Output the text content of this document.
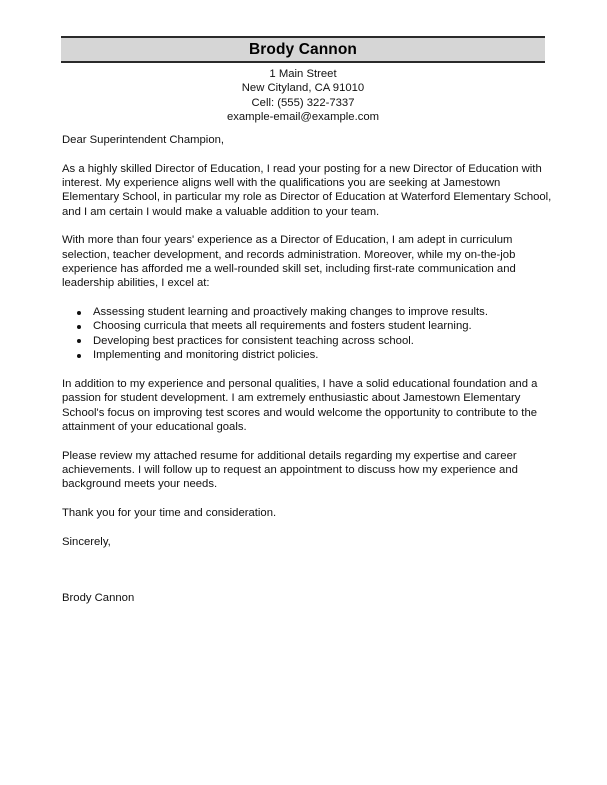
Brody Cannon
1 Main Street
New Cityland, CA 91010
Cell: (555) 322-7337
example-email@example.com

Dear Superintendent Champion,

As a highly skilled Director of Education, I read your posting for a new Director of Education with interest. My experience aligns well with the qualifications you are seeking at Jamestown Elementary School, in particular my role as Director of Education at Waterford Elementary School, and I am certain I would make a valuable addition to your team.

With more than four years' experience as a Director of Education, I am adept in curriculum selection, teacher development, and records administration. Moreover, while my on-the-job experience has afforded me a well-rounded skill set, including first-rate communication and leadership abilities, I excel at:

Assessing student learning and proactively making changes to improve results.
Choosing curricula that meets all requirements and fosters student learning.
Developing best practices for consistent teaching across school.
Implementing and monitoring district policies.

In addition to my experience and personal qualities, I have a solid educational foundation and a passion for student development. I am extremely enthusiastic about Jamestown Elementary School's focus on improving test scores and would welcome the opportunity to contribute to the attainment of your educational goals.

Please review my attached resume for additional details regarding my expertise and career achievements. I will follow up to request an appointment to discuss how my experience and background meets your needs.

Thank you for your time and consideration.

Sincerely,

Brody Cannon
